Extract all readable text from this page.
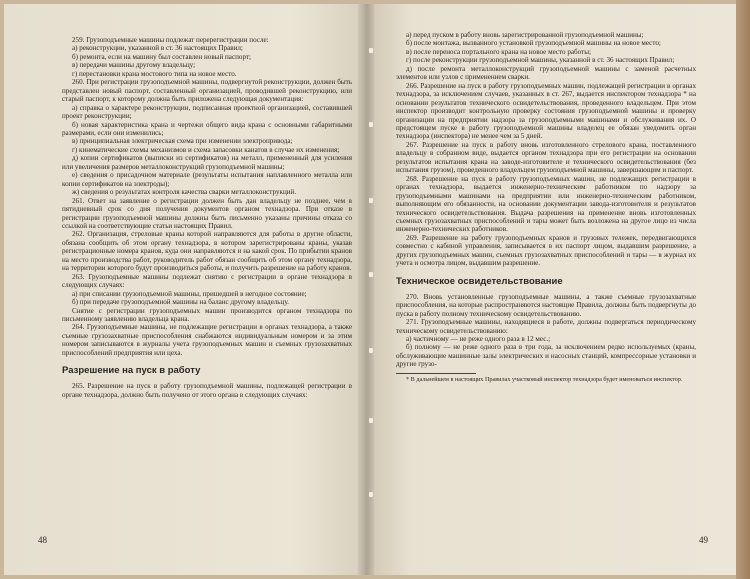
259. Грузоподъемные машины подлежат перерегистрации после:

а) реконструкции, указанной в ст. 36 настоящих Правил;

б) ремонта, если на машину был составлен новый паспорт;

в) передачи машины другому владельцу;

г) перестановки крана мостового типа на новое место.

260. При регистрации грузоподъемной машины, подвергнутой реконструкции, должен быть представлен новый паспорт, составленный организацией, проводившей реконструкцию, или старый паспорт, к которому должна быть приложена следующая документация:

а) справка о характере реконструкции, подписанная проектной организацией, составившей проект реконструкции;

б) новая характеристика крана и чертежи общего вида крана с основными габаритными размерами, если они изменились;

в) принципиальная электрическая схема при изменении электропривода;

г) кинематические схемы механизмов и схема запасовки канатов в случае их изменения;

д) копии сертификатов (выписки из сертификатов) на металл, примененный для усиления или увеличения размеров металлоконструкций грузоподъемной машины;

е) сведения о присадочном материале (результаты испытания наплавленного металла или копии сертификатов на электроды);

ж) сведения о результатах контроля качества сварки металлоконструкций.

261. Ответ на заявление о регистрации должен быть дан владельцу не позднее, чем в пятидневный срок со дня получения документов органом технадзора. При отказе в регистрации грузоподъемной машины должны быть письменно указаны причины отказа со ссылкой на соответствующие статьи настоящих Правил.

262. Организация, стреловые краны которой направляются для работы в другие области, обязана сообщить об этом органу технадзора, в котором зарегистрированы краны, указав регистрационные номера кранов, куда они направляются и на какой срок. По прибытии кранов на место производства работ, руководитель работ обязан сообщить об этом органу технадзора, на территории которого будут производиться работы, и получить разрешение на работу кранов.

263. Грузоподъемные машины подлежат снятию с регистрации в органе технадзора в следующих случаях:

а) при списании грузоподъемной машины, пришедшей в негодное состояние;

б) при передаче грузоподъемной машины на баланс другому владельцу.

Снятие с регистрации грузоподъемных машин производится органом технадзора по письменному заявлению владельца крана.

264. Грузоподъемные машины, не подлежащие регистрации в органах технадзора, а также съемные грузозахватные приспособления снабжаются индивидуальным номером и за этим номером записываются в журналы учета грузоподъемных машин и съемных грузозахватных приспособлений предприятия или цеха.

Разрешение на пуск в работу

265. Разрешение на пуск в работу грузоподъемной машины, подлежащей регистрации в органе технадзора, должно быть получено от этого органа в следующих случаях:

48

а) перед пуском в работу вновь зарегистрированной грузоподъемной машины;

б) после монтажа, вызванного установкой грузоподъемной машины на новое место;

в) после переноса портального крана на новое место работы;

г) после реконструкции грузоподъемной машины, указанной в ст. 36 настоящих Правил;

д) после ремонта металлоконструкций грузоподъемной машины с заменой расчетных элементов или узлов с применением сварки.

266. Разрешение на пуск в работу грузоподъемных машин, подлежащей регистрации в органах технадзора, за исключением случаев, указанных в ст. 267, выдается инспектором технадзора * на основании результатов технического освидетельствования, проведенного владельцем. При этом инспектор производит контрольную проверку состояния грузоподъемной машины и проверку организации на предприятии надзора за грузоподъемными машинами и обслуживания их. О предстоящем пуске в работу грузоподъемной машины владелец ее обязан уведомить орган технадзора (инспектора) не менее чем за 5 дней.

267. Разрешение на пуск в работу вновь изготовленного стрелового крана, поставленного владельцу в собранном виде, выдается органом технадзора при его регистрации на основании результатов испытания крана на заводе-изготовителе и технического освидетельствования (без испытания грузом), проведенного владельцем грузоподъемной машины, завершающим и паспорт.

268. Разрешение на пуск в работу грузоподъемных машин, не подлежащих регистрации в органах технадзора, выдается инженерно-техническим работником по надзору за грузоподъемными машинами на предприятии или инженерно-техническим работником, выполняющим его обязанности, на основании документации завода-изготовителя и результатов технического освидетельствования. Выдача разрешения на применение вновь изготовленных съемных грузозахватных приспособлений и тары может быть возложена на другое лицо из числа инженерно-технических работников.

269. Разрешение на работу грузоподъемных кранов и грузовых тележек, передвигающихся совместно с кабиной управления, записывается в их паспорт лицом, выдавшим разрешение, а других грузоподъемных машин, съемных грузозахватных приспособлений и тары — в журнал их учета и осмотра лицом, выдавшим разрешение.

Техническое освидетельствование

270. Вновь установленные грузоподъемные машины, а также съемные грузозахватные приспособления, на которые распространяются настоящие Правила, должны быть подвергнуты до пуска в работу полному техническому освидетельствованию.

271. Грузоподъемные машины, находящиеся в работе, должны подвергаться периодическому техническому освидетельствованию:

а) частичному — не реже одного раза в 12 мес.;

б) полному — не реже одного раза в три года, за исключением редко используемых (краны, обслуживающие машинные залы электрических и насосных станций, компрессорные установки и другие грузо-

* В дальнейшем в настоящих Правилах участковый инспектор технадзора будет именоваться инспектор.

49
